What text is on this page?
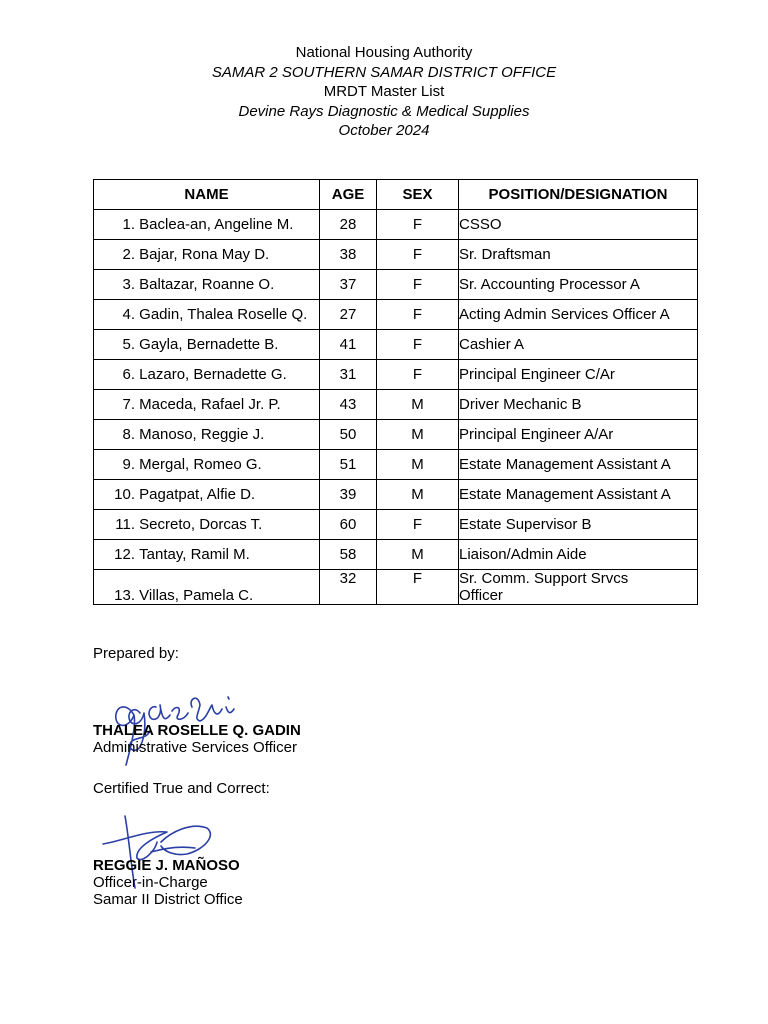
National Housing Authority
SAMAR 2 SOUTHERN SAMAR DISTRICT OFFICE
MRDT Master List
Devine Rays Diagnostic & Medical Supplies
October 2024
NAME	AGE	SEX	POSITION/DESIGNATION
1. Baclea-an, Angeline M.	28	F	CSSO
2. Bajar, Rona May D.	38	F	Sr. Draftsman
3. Baltazar, Roanne O.	37	F	Sr. Accounting Processor A
4. Gadin, Thalea Roselle Q.	27	F	Acting Admin Services Officer A
5. Gayla, Bernadette B.	41	F	Cashier A
6. Lazaro, Bernadette G.	31	F	Principal Engineer C/Ar
7. Maceda, Rafael Jr. P.	43	M	Driver Mechanic B
8. Manoso, Reggie J.	50	M	Principal Engineer A/Ar
9. Mergal, Romeo G.	51	M	Estate Management Assistant A
10. Pagatpat, Alfie D.	39	M	Estate Management Assistant A
11. Secreto, Dorcas T.	60	F	Estate Supervisor B
12. Tantay, Ramil M.	58	M	Liaison/Admin Aide
13. Villas, Pamela C.	32	F	Sr. Comm. Support Srvcs
Officer
Prepared by:
THALEA ROSELLE Q. GADIN
Administrative Services Officer
Certified True and Correct:
REGGIE J. MAÑOSO
Officer-in-Charge
Samar II District Office
